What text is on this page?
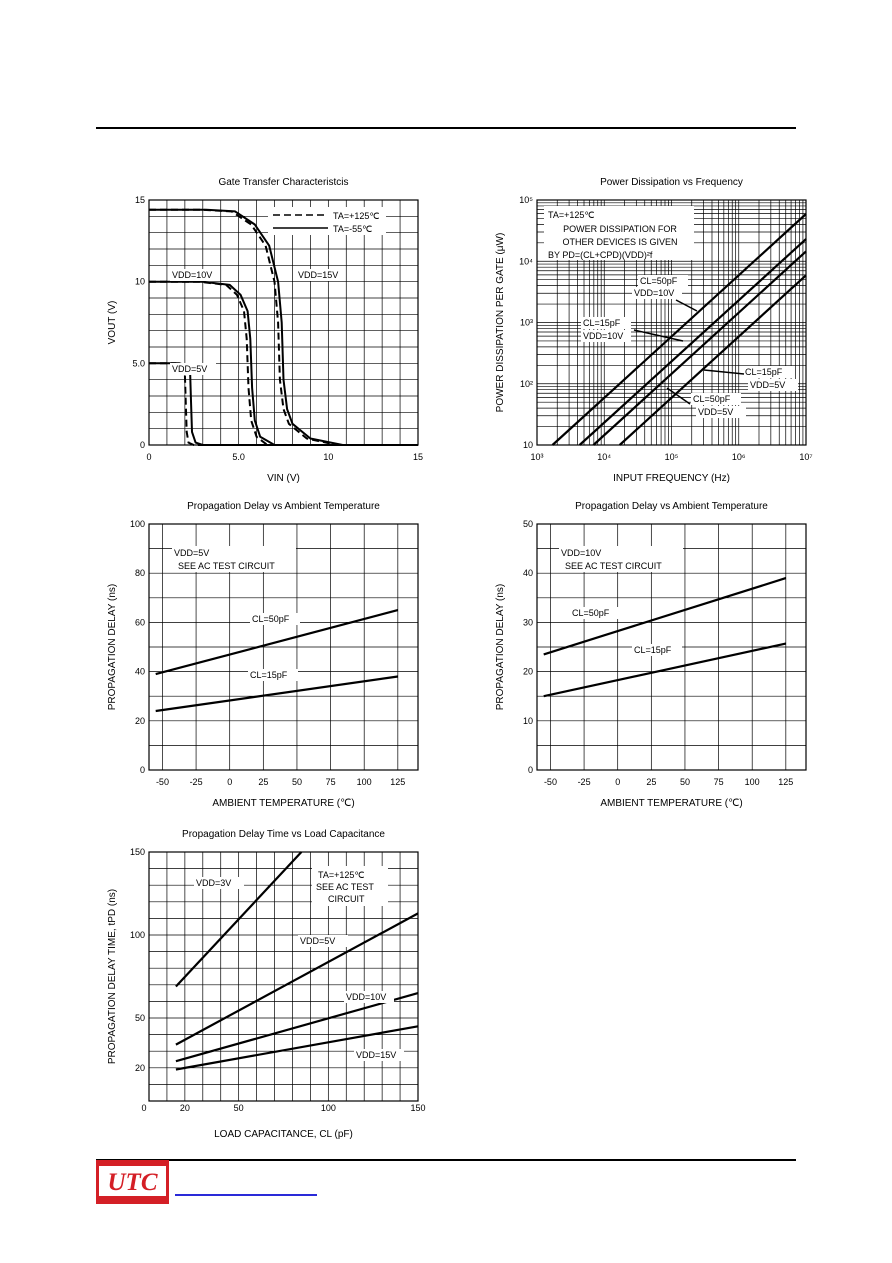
Gate Transfer Characteristcis
VIN (V)
VOUT (V)
0	5.0	10	15
0
5.0
10
15
TA=+125℃
TA=-55℃
VDD=5V
VDD=10V	VDD=15V
Power Dissipation vs Frequency
INPUT FREQUENCY (Hz)
POWER DISSIPATION PER GATE (μW)
10³
10
10⁴
10²
10⁵
10³
10⁶
10⁴
10⁷
10⁵
TA=+125℃
POWER DISSIPATION FOR
OTHER DEVICES IS GIVEN
BY PD=(CL+CPD)(VDD)²f
CL=50pF
VDD=10V
CL=15pF
VDD=10V
CL=15pF
VDD=5V
CL=50pF
VDD=5V
Propagation Delay vs Ambient Temperature
AMBIENT TEMPERATURE (℃)
PROPAGATION DELAY (ns)
-50 -25	0	25	50	75 100 125
0
20
40
60
80
100
VDD=5V
SEE AC TEST CIRCUIT
CL=50pF
CL=15pF
Propagation Delay vs Ambient Temperature
AMBIENT TEMPERATURE (℃)
PROPAGATION DELAY (ns)
-50 -25	0	25	50	75 100 125
0
10
20
30
40
50
VDD=10V
SEE AC TEST CIRCUIT
CL=50pF
CL=15pF
Propagation Delay Time vs Load Capacitance
LOAD CAPACITANCE, CL (pF)
PROPAGATION DELAY TIME, tPD (ns)
0	20	50	100	150
20
50
100
150
TA=+125℃
SEE AC TEST
CIRCUIT
VDD=3V
VDD=5V
VDD=10V
VDD=15V
UTC
